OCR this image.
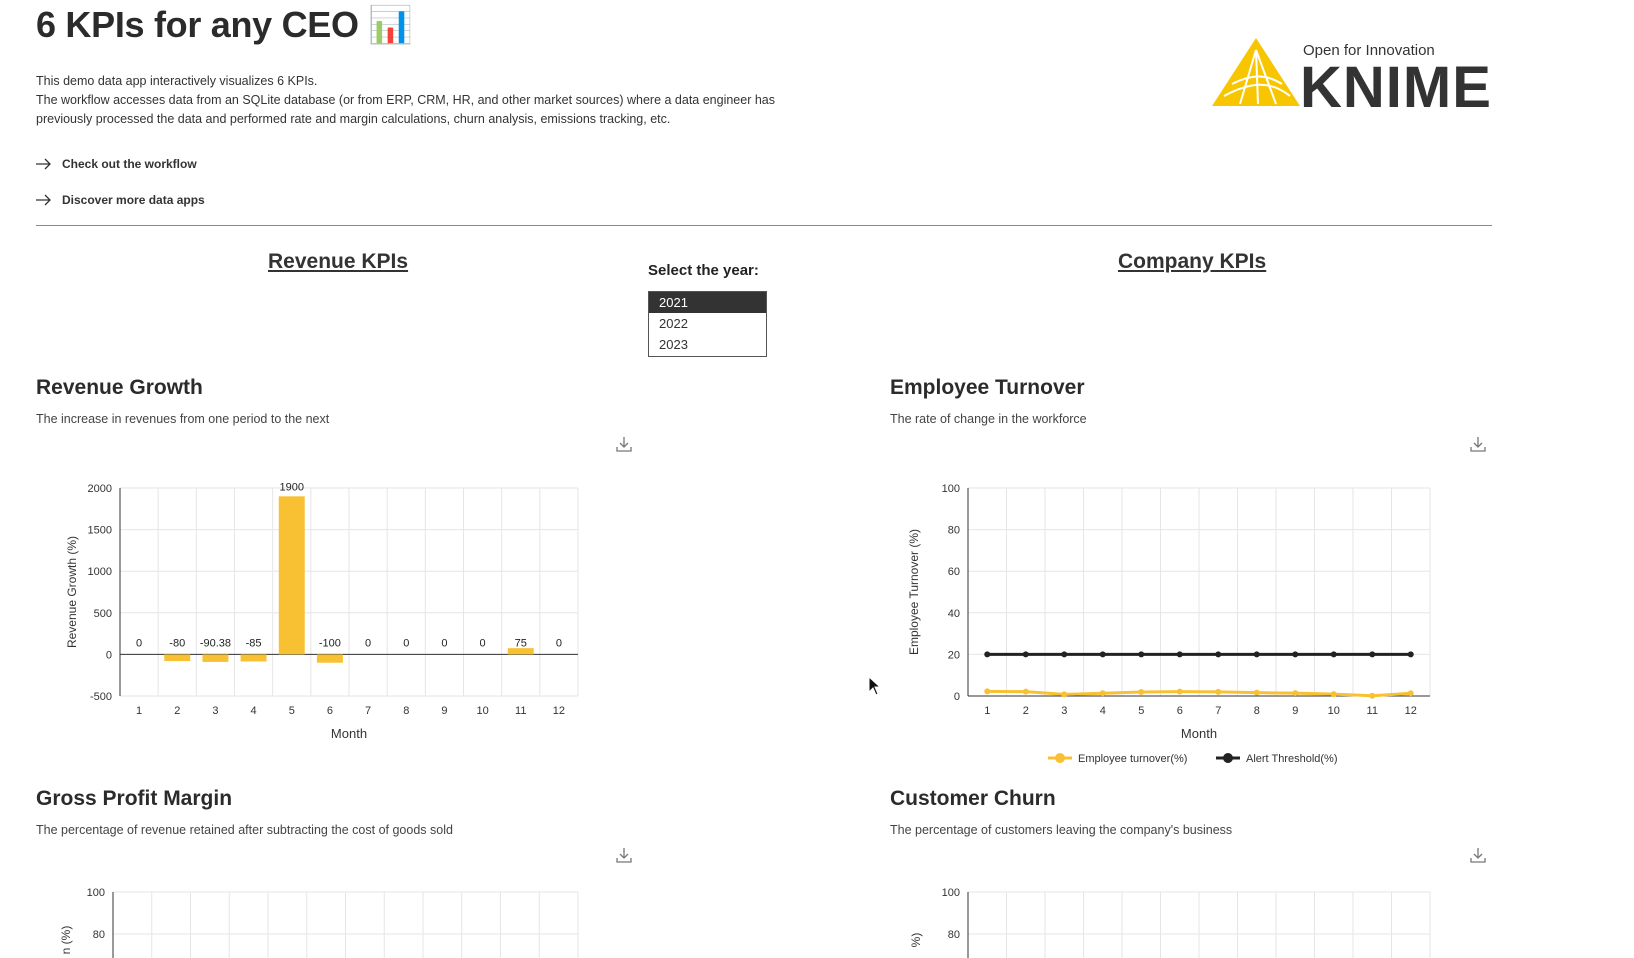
6 KPIs for any CEO 📊
This demo data app interactively visualizes 6 KPIs.
The workflow accesses data from an SQLite database (or from ERP, CRM, HR, and other market sources) where a data engineer has previously processed the data and performed rate and margin calculations, churn analysis, emissions tracking, etc.
Check out the workflow
Discover more data apps
Open for Innovation
KNIME
Revenue KPIs	Company KPIs
Select the year:
2021
2022
2023
Revenue Growth
The increase in revenues from one period to the next
Employee Turnover
The rate of change in the workforce
Gross Profit Margin
The percentage of revenue retained after subtracting the cost of goods sold
Customer Churn
The percentage of customers leaving the company's business
-500
0
500
1000
1500
2000
0
1
-80
2
-90.38
3
-85
4
1900
5
-100
6
0
7
0
8
0
9
0
10
75
11
0
12
Month
Revenue Growth (%)
0
20
40
60
80
100
1	2	3	4	5	6	7	8	9	10 11 12
Month
Employee Turnover (%)
Employee turnover(%)	Alert Threshold(%)
100
80
n (%)
100
80
%)
